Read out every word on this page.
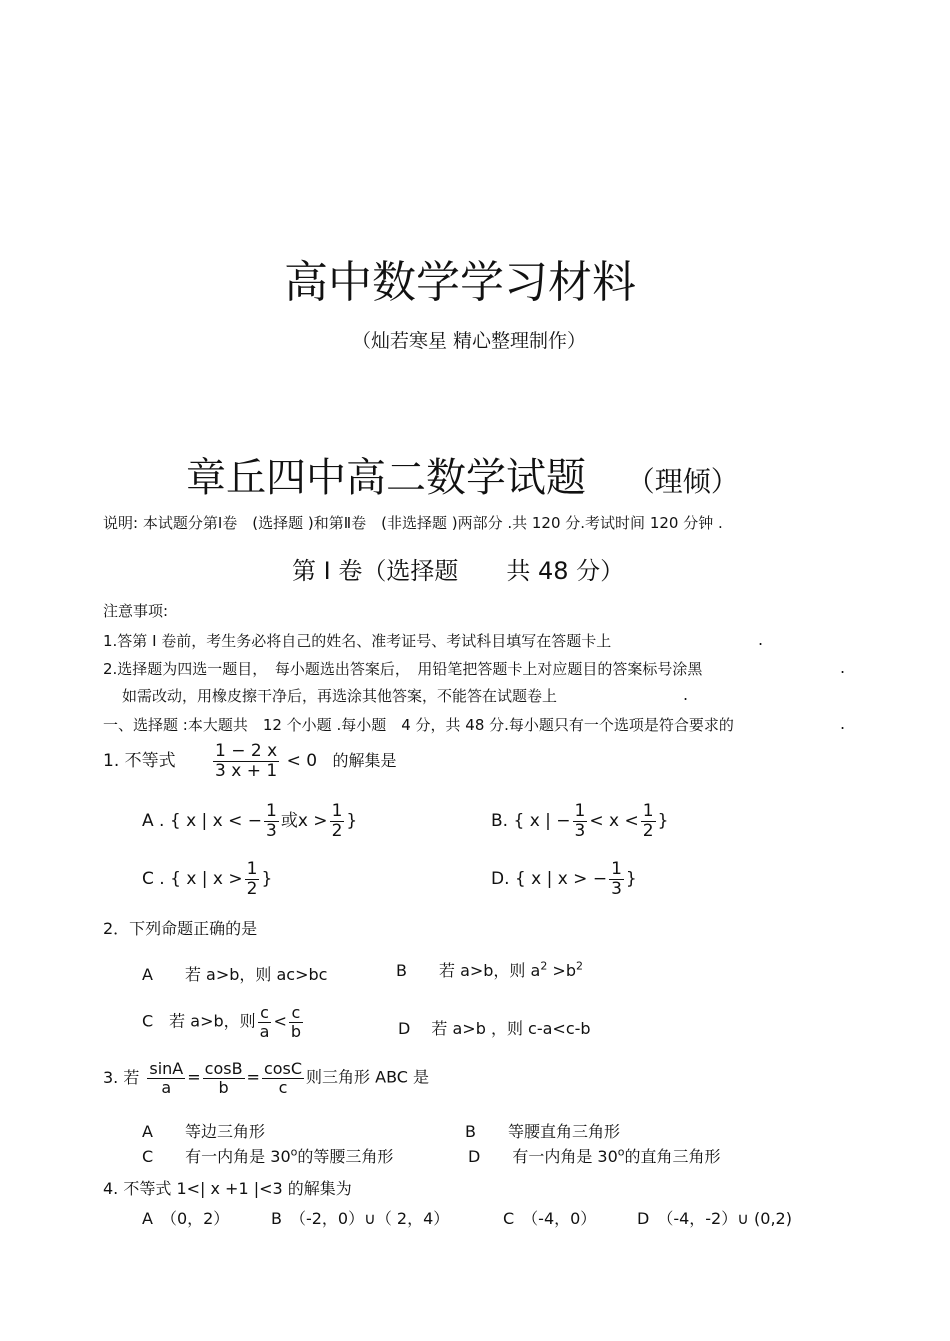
高中数学学习材料
（灿若寒星 精心整理制作）
章丘四中高二数学试题 （理倾）
说明: 本试题分第Ⅰ卷　(选择题 )和第Ⅱ卷　(非选择题 )两部分 .共 120 分.考试时间 120 分钟 .
第 I 卷（选择题　　共 48 分）
注意事项:
1.答第 I 卷前，考生务必将自己的姓名、准考证号、考试科目填写在答题卡上	.
2.选择题为四选一题目，　每小题选出答案后，　用铅笔把答题卡上对应题目的答案标号涂黑	.
如需改动，用橡皮擦干净后，再选涂其他答案，不能答在试题卷上	.
一、选择题 :本大题共　12 个小题 .每小题　4 分，共 48 分.每小题只有一个选项是符合要求的	.
1. 不等式 $\frac{1 - 2 x}{3 x + 1} < 0$ 的解集是
A . { x | x < − $\frac{1}{3}$ 或$x > \frac{1}{2}$ }	B. { x | − $\frac{1}{3} < x < \frac{1}{2}$ }
C . { x | $x > \frac{1}{2}$ }	D. { x | x > − $\frac{1}{3}$ }
2．下列命题正确的是
A　　若 a>b，则 ac>bc	B　　若 a>b，则 $a^2 >b^2$
C　若 a>b，则 $\frac{c}{a} < \frac{c}{b}$	D　 若 a>b ，则 c-a<c-b
3. 若 $\frac{\sin A}{a} = \frac{\cos B}{b} = \frac{\cos C}{c}$ 则三角形 ABC 是
A　　等边三角形	B　　等腰直角三角形
C　　有一内角是 30$^o$的等腰三角形	D　　有一内角是 30$^o$的直角三角形
4. 不等式 1<| x +1 |<3 的解集为
A　（0，2）	B　（-2，0）∪（ 2，4）	C　（-4，0）	D　（-4，-2）∪ (0,2)
